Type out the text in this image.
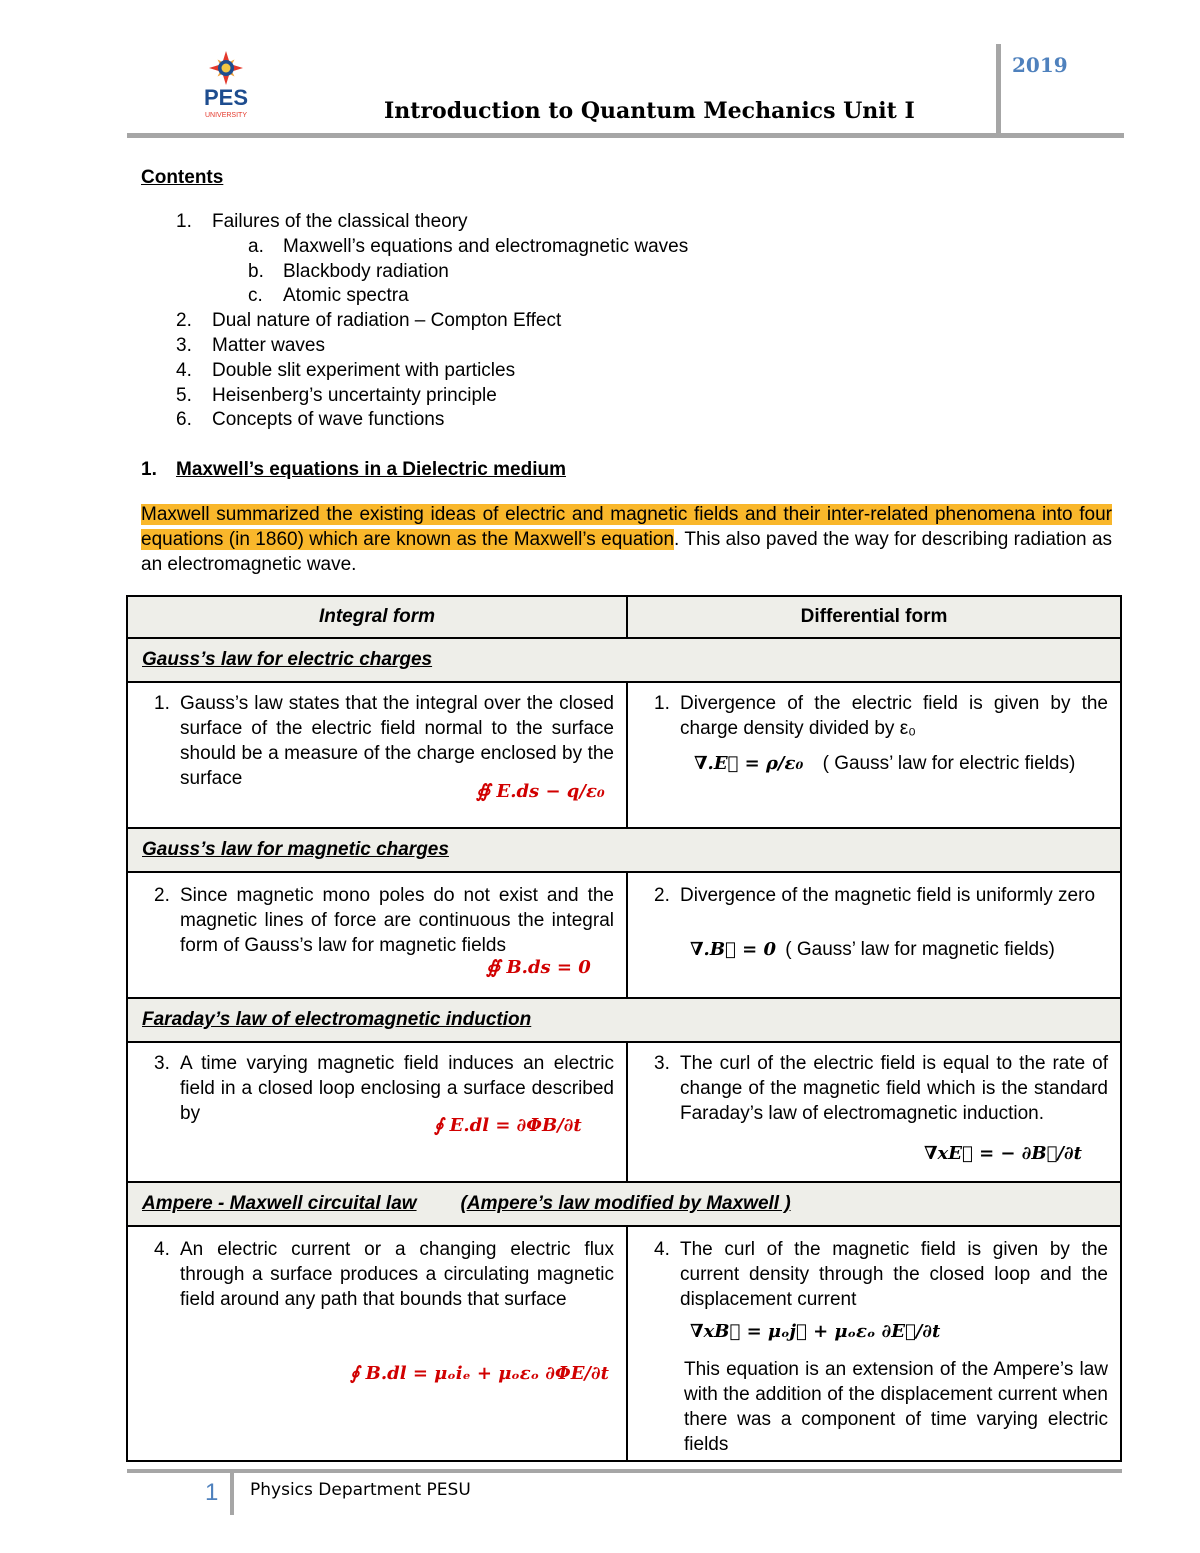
PES
UNIVERSITY	Introduction to Quantum Mechanics Unit I
2019
Contents
1. Failures of the classical theory
a. Maxwell’s equations and electromagnetic waves
b. Blackbody radiation
c. Atomic spectra
2. Dual nature of radiation – Compton Effect
3. Matter waves
4. Double slit experiment with particles
5. Heisenberg’s uncertainty principle
6. Concepts of wave functions
1. Maxwell’s equations in a Dielectric medium
Maxwell summarized the existing ideas of electric and magnetic fields and their inter-related phenomena into four equations (in 1860) which are known as the Maxwell’s equation. This also paved the way for describing radiation as an electromagnetic wave.
Integral form	Differential form
Gauss’s law for electric charges
1. Gauss’s law states that the integral over the closed surface of the electric field normal to the surface should be a measure of the charge enclosed by the surface
∯ E.ds − q/ε₀
1. Divergence of the electric field is given by the charge density divided by ε₀
∇.E⃗ = ρ/ε₀ ( Gauss’ law for electric fields)
Gauss’s law for magnetic charges
2. Since magnetic mono poles do not exist and the magnetic lines of force are continuous the integral form of Gauss’s law for magnetic fields
∯ B.ds = 0
2. Divergence of the magnetic field is uniformly zero
∇.B⃗ = 0 ( Gauss’ law for magnetic fields)
Faraday’s law of electromagnetic induction
3. A time varying magnetic field induces an electric field in a closed loop enclosing a surface described by
∮ E.dl = ∂ΦB/∂t
3. The curl of the electric field is equal to the rate of change of the magnetic field which is the standard Faraday’s law of electromagnetic induction.
∇xE⃗ = − ∂B⃗/∂t
Ampere - Maxwell circuital law (Ampere’s law modified by Maxwell )
4. An electric current or a changing electric flux through a surface produces a circulating magnetic field around any path that bounds that surface
∮ B.dl = μₒiₑ + μₒεₒ ∂ΦE/∂t
4. The curl of the magnetic field is given by the current density through the closed loop and the displacement current
∇xB⃗ = μₒj⃗ + μₒεₒ ∂E⃗/∂t
This equation is an extension of the Ampere’s law with the addition of the displacement current when there was a component of time varying electric fields
1 Physics Department PESU
